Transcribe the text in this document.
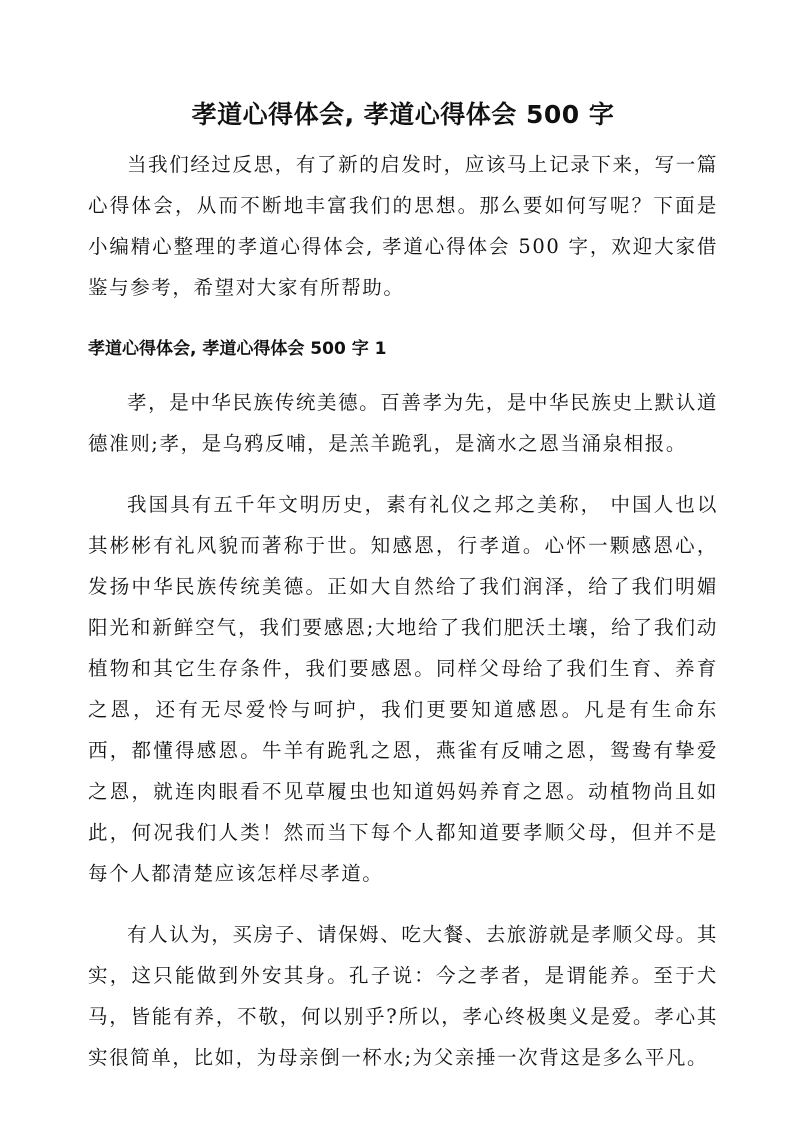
孝道心得体会, 孝道心得体会 500 字

当我们经过反思，有了新的启发时，应该马上记录下来，写一篇心得体会，从而不断地丰富我们的思想。那么要如何写呢？下面是小编精心整理的孝道心得体会, 孝道心得体会 500 字，欢迎大家借鉴与参考，希望对大家有所帮助。

孝道心得体会, 孝道心得体会 500 字 1

孝，是中华民族传统美德。百善孝为先，是中华民族史上默认道德准则;孝，是乌鸦反哺，是羔羊跪乳，是滴水之恩当涌泉相报。

我国具有五千年文明历史，素有礼仪之邦之美称， 中国人也以其彬彬有礼风貌而著称于世。知感恩，行孝道。心怀一颗感恩心，发扬中华民族传统美德。正如大自然给了我们润泽，给了我们明媚阳光和新鲜空气，我们要感恩;大地给了我们肥沃土壤，给了我们动植物和其它生存条件，我们要感恩。同样父母给了我们生育、养育之恩，还有无尽爱怜与呵护，我们更要知道感恩。凡是有生命东西，都懂得感恩。牛羊有跪乳之恩，燕雀有反哺之恩，鸳鸯有挚爱之恩，就连肉眼看不见草履虫也知道妈妈养育之恩。动植物尚且如此，何况我们人类！然而当下每个人都知道要孝顺父母，但并不是每个人都清楚应该怎样尽孝道。

有人认为，买房子、请保姆、吃大餐、去旅游就是孝顺父母。其实，这只能做到外安其身。孔子说：今之孝者，是谓能养。至于犬马，皆能有养，不敬，何以别乎?所以，孝心终极奥义是爱。孝心其实很简单，比如，为母亲倒一杯水;为父亲捶一次背这是多么平凡。
